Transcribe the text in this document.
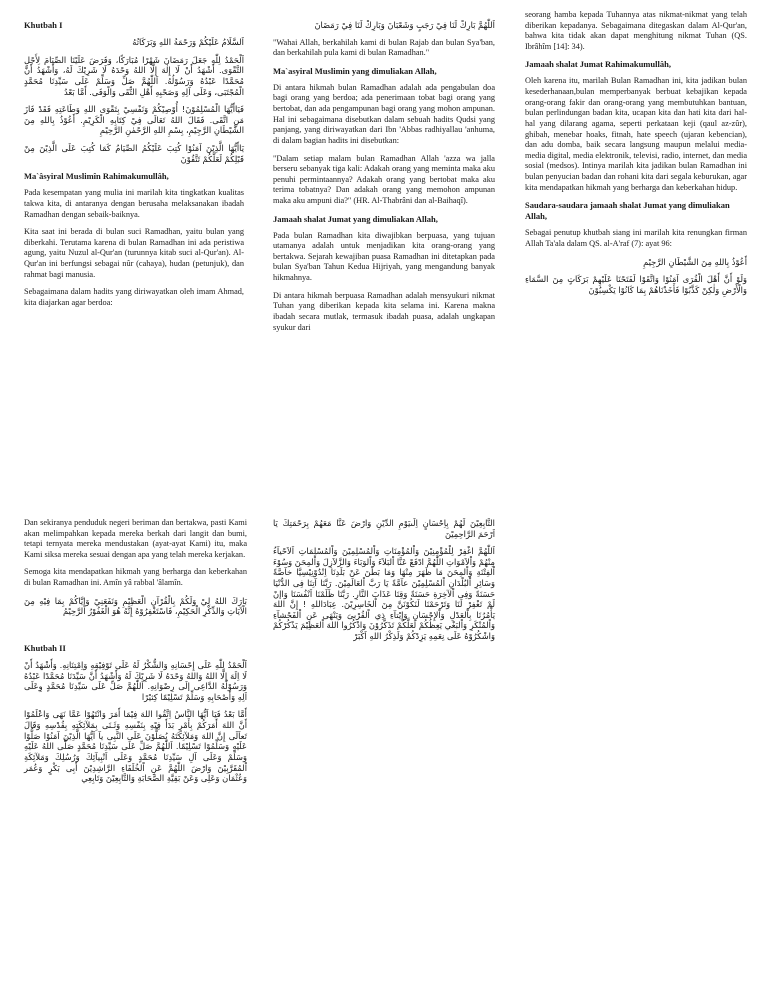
Khutbah I

اَلسَّلَامُ عَلَيْكُمْ وَرَحْمَةُ اللهِ وَبَرَكَاتُهُ

اَلْحَمْدُ لِلّٰهِ جَعَلَ رَمَضَانَ شَهْرًا مُبَارَكًا، وَفَرَضَ عَلَيْنَا الصِّيَامَ لِأَجْلِ التَّقْوَى. أَشْهَدُ أَنْ لَا إِلٰهَ إِلَّا اللهُ وَحْدَهُ لَا شَرِيْكَ لَهُ، وَأَشْهَدُ أَنَّ مُحَمَّدًا عَبْدُهُ وَرَسُوْلُهُ. اَللّٰهُمَّ صَلِّ وَسَلِّمْ عَلَى سَيِّدِنَا مُحَمَّدٍ الْمُجْتَبَى، وَعَلَى آلِهِ وَصَحْبِهِ أَهْلِ التُّقَى وَالْوَفَى. أَمَّا بَعْدُ

فَيَاأَيُّهَا الْمُسْلِمُوْنَ! أُوْصِيْكُمْ وَنَفْسِيْ بِتَقْوَى اللهِ وَطَاعَتِهِ فَقَدْ فَازَ مَنِ اتَّقَى. فَقَالَ اللهُ تَعَالَى فِيْ كِتَابِهِ الْكَرِيْمِ. أَعُوْذُ بِاللهِ مِنَ الشَّيْطَانِ الرَّجِيْمِ، بِسْمِ اللهِ الرَّحْمٰنِ الرَّحِيْمِ

يَاأَيُّهَا الَّذِيْنَ آمَنُوْا كُتِبَ عَلَيْكُمُ الصِّيَامُ كَمَا كُتِبَ عَلَى الَّذِيْنَ مِنْ قَبْلِكُمْ لَعَلَّكُمْ تَتَّقُوْنَ

Ma`âsyiral Muslimîn Rahimakumullâh,

Pada kesempatan yang mulia ini marilah kita tingkatkan kualitas takwa kita, di antaranya dengan berusaha melaksanakan ibadah Ramadhan dengan sebaik-baiknya.

Kita saat ini berada di bulan suci Ramadhan, yaitu bulan yang diberkahi. Terutama karena di bulan Ramadhan ini ada peristiwa agung, yaitu Nuzul al-Qur'an (turunnya kitab suci al-Qur'an). Al-Qur'an ini berfungsi sebagai nûr (cahaya), hudan (petunjuk), dan rahmat bagi manusia.

Sebagaimana dalam hadits yang diriwayatkan oleh imam Ahmad, kita diajarkan agar berdoa:

اَللّٰهُمَّ بَارِكْ لَنَا فِيْ رَجَبٍ وَشَعْبَانَ وَبَارِكْ لَنَا فِيْ رَمَضَانَ

"Wahai Allah, berkahilah kami di bulan Rajab dan bulan Sya'ban, dan berkahilah pula kami di bulan Ramadhan."

Ma`asyiral Muslimin yang dimuliakan Allah,

Di antara hikmah bulan Ramadhan adalah ada pengabulan doa bagi orang yang berdoa; ada penerimaan tobat bagi orang yang bertobat, dan ada pengampunan bagi orang yang mohon ampunan. Hal ini sebagaimana disebutkan dalam sebuah hadits Qudsi yang panjang, yang diriwayatkan dari Ibn 'Abbas radhiyallau 'anhuma, di dalam bagian hadits ini disebutkan:

"Dalam setiap malam bulan Ramadhan Allah 'azza wa jalla berseru sebanyak tiga kali: Adakah orang yang meminta maka aku penuhi permintaannya? Adakah orang yang bertobat maka aku terima tobatnya? Dan adakah orang yang memohon ampunan maka aku ampuni dia?" (HR. Al-Thabrâni dan al-Baihaqî).

Jamaah shalat Jumat yang dimuliakan Allah,

Pada bulan Ramadhan kita diwajibkan berpuasa, yang tujuan utamanya adalah untuk menjadikan kita orang-orang yang bertakwa. Sejarah kewajiban puasa Ramadhan ini ditetapkan pada bulan Sya'ban Tahun Kedua Hijriyah, yang mengandung banyak hikmahnya.

Di antara hikmah berpuasa Ramadhan adalah mensyukuri nikmat Tuhan yang diberikan kepada kita selama ini. Karena makna ibadah secara mutlak, termasuk ibadah puasa, adalah ungkapan syukur dari

seorang hamba kepada Tuhannya atas nikmat-nikmat yang telah diberikan kepadanya. Sebagaimana ditegaskan dalam Al-Qur'an, bahwa kita tidak akan dapat menghitung nikmat Tuhan (QS. Ibrâhîm [14]: 34).

Jamaah shalat Jumat Rahimakumullâh,

Oleh karena itu, marilah Bulan Ramadhan ini, kita jadikan bulan kesederhanaan,bulan memperbanyak berbuat kebajikan kepada orang-orang fakir dan orang-orang yang membutuhkan bantuan, bulan perlindungan badan kita, ucapan kita dan hati kita dari hal-hal yang dilarang agama, seperti perkataan keji (qaul az-zûr), ghibah, menebar hoaks, fitnah, hate speech (ujaran kebencian), dan adu domba, baik secara langsung maupun melalui media-media digital, media elektronik, televisi, radio, internet, dan media sosial (medsos). Intinya marilah kita jadikan bulan Ramadhan ini bulan penyucian badan dan rohani kita dari segala keburukan, agar kita mendapatkan hikmah yang berharga dan keberkahan hidup.

Saudara-saudara jamaah shalat Jumat yang dimuliakan Allah,

Sebagai penutup khutbah siang ini marilah kita renungkan firman Allah Ta'ala dalam QS. al-A'raf (7): ayat 96:

أَعُوْذُ بِاللهِ مِنَ الشَّيْطَانِ الرَّجِيْمِ

وَلَوْ أَنَّ أَهْلَ الْقُرَى آمَنُوْا وَاتَّقَوْا لَفَتَحْنَا عَلَيْهِمْ بَرَكَاتٍ مِنَ السَّمَاءِ وَالْأَرْضِ وَلٰكِنْ كَذَّبُوْا فَأَخَذْنَاهُمْ بِمَا كَانُوْا يَكْسِبُوْنَ

Dan sekiranya penduduk negeri beriman dan bertakwa, pasti Kami akan melimpahkan kepada mereka berkah dari langit dan bumi, tetapi ternyata mereka mendustakan (ayat-ayat Kami) itu, maka Kami siksa mereka sesuai dengan apa yang telah mereka kerjakan.

Semoga kita mendapatkan hikmah yang berharga dan keberkahan di bulan Ramadhan ini. Amîn yâ rabbal 'âlamîn.

بَارَكَ اللهُ لِيْ وَلَكُمْ بِالْقُرْآنِ الْعَظِيْمِ وَنَفَعَنِيْ وَإِيَّاكُمْ بِمَا فِيْهِ مِنَ الْآيَاتِ وَالذِّكْرِ الْحَكِيْمِ، فَاسْتَغْفِرُوْهُ إِنَّهُ هُوَ الْغَفُوْرُ الرَّحِيْمُ

Khutbah II

اَلْحَمْدُ لِلّٰهِ عَلَى إِحْسَانِهِ وَالشُّكْرُ لَهُ عَلَى تَوْفِيْقِهِ وَاِمْتِنَانِهِ. وَأَشْهَدُ أَنْ لَا اِلَهَ إِلَّا اللهُ وَاللهُ وَحْدَهُ لَا شَرِيْكَ لَهُ وَأَشْهَدُ أَنَّ سَيِّدَنَا مُحَمَّدًا عَبْدُهُ وَرَسُوْلُهُ الدَّاعِى إلَى رِضْوَانِهِ. اَللّٰهُمَّ صَلِّ عَلَى سَيِّدِنَا مُحَمَّدٍ وِعَلَى اَلِهِ وَأَصْحَابِهِ وَسَلِّمْ تَسْلِيْمًا كِثيْرًا

أَمَّا بَعْدُ فَيَا اَيُّهَا النَّاسُ اِتَّقُوا اللهَ فِيْمَا أَمَرَ وَانْتَهُوْا عَمَّا نَهَى وَاعْلَمُوْا أَنَّ اللهَ أَمَرَكُمْ بِأَمْرٍ بَدَأَ فِيْهِ بِنَفْسِهِ وَثَـنَى بِمَلآئِكَتِهِ بِقُدْسِهِ وَقَالَ تَعاَلَى إِنَّ اللهَ وَمَلآئِكَتَهُ يُصَلُّوْنَ عَلَى النَّبِى يآ اَيُّهَا الَّذِيْنَ آمَنُوْا صَلُّوْا عَلَيْهِ وَسَلِّمُوْا تَسْلِيْمًا. اَللّٰهُمَّ صَلِّ عَلَى سَيِّدِنَا مُحَمَّدٍ صَلَّى اللهُ عَلَيْهِ وَسَلِّمْ وَعَلَى آلِ سَيِّدِنَا مُحَمَّدٍ وَعَلَى اَنْبِيآئِكَ وَرُسُلِكَ وَمَلآئِكَةِ اْلمُقَرَّبِيْنَ وَارْضَ اللّٰهُمَّ عَنِ اْلخُلَفَاءِ الرَّاشِدِيْنَ أَبِى بَكْرٍ وَعُمَر وَعُثْمَان وَعَلِى وَعَنْ بَقِيَّةِ الصَّحَابَةِ وَالتَّابِعِيْنَ وَتَابِعِي

التَّابِعِيْنَ لَهُمْ بِاِحْسَانٍ اِلَىيَوْمِ الدِّيْنِ وَارْضَ عَنَّا مَعَهُمْ بِرَحْمَتِكَ يَا اَرْحَمَ الرَّاحِمِيْنَ

اَللّٰهُمَّ اغْفِرْ لِلْمُؤْمِنِيْنَ وَاْلمُؤْمِنَاتِ وَاْلمُسْلِمِيْنَ وَاْلمُسْلِمَاتِ اَلاَحْيآءُ مِنْهُمْ وَاْلاَمْوَاتِ اللّٰهُمَّ ادْفَعْ عَنَّا اْلبَلاَءَ وَاْلوَبَاءَ وَالزَّلاَزِلَ وَاْلمِحَنَ وَسُوْءَ اْلفِتْنَةِ وَاْلمِحَنَ مَا ظَهَرَ مِنْهَا وَمَا بَطَنَ عَنْ بَلَدِنَا اِنْدُوْنِيْسِيَّا خآصَّةً وَسَائِرِ اْلبُلْدَانِ اْلمُسْلِمِيْنَ عآمَّةً يَا رَبَّ اْلعَالَمِيْنَ. رَبَّنَا آتِنَا فِى الدُّنْيَا حَسَنَةً وَفِى اْلآخِرَةِ حَسَنَةً وَقِنَا عَذَابَ النَّارِ. رَبَّنَا ظَلَمْنَا اَنْفُسَنَا وَاإنْ لَمْ تَغْفِرْ لَنَا وَتَرْحَمْنَا لَنَكُوْنَنَّ مِنَ اْلخَاسِرِيْنَ. عِبَادَاللهِ ! إِنَّ اللهَ يَأْمُرُنَا بِاْلعَدْلِ وَاْلإِحْسَانِ وَإِيْتآءِ ذِي اْلقُرْبىَ وَيَنْهَى عَنِ اْلفَحْشآءِ وَاْلمُنْكَرِ وَاْلبَغْي يَعِظُكُمْ لَعَلَّكُمْ تَذَكَّرُوْنَ وَاذْكُرُوا اللهَ اْلعَظِيْمَ يَذْكُرْكُمْ وَاشْكُرُوْهُ عَلَى نِعَمِهِ يَزِدْكُمْ وَلَذِكْرُ اللهِ اَكْبَرْ
